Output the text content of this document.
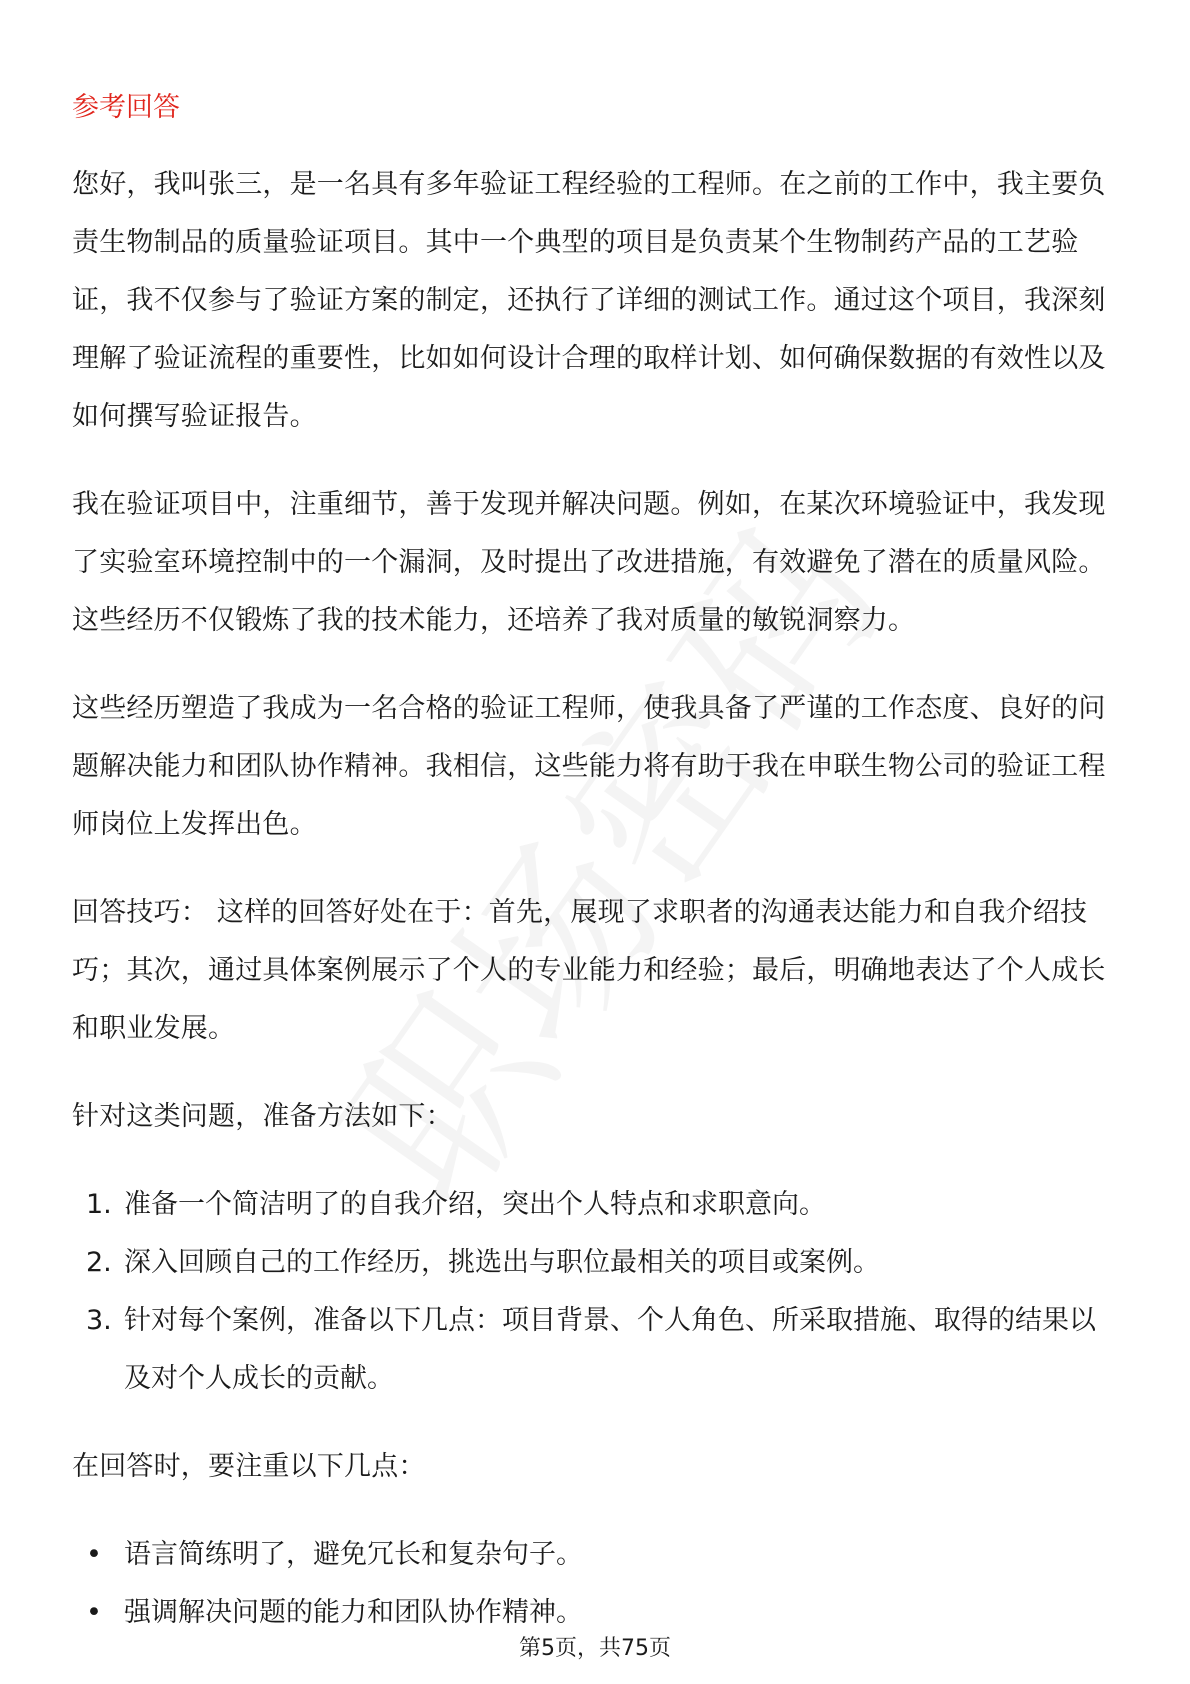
参考回答

您好，我叫张三，是一名具有多年验证工程经验的工程师。在之前的工作中，我主要负责生物制品的质量验证项目。其中一个典型的项目是负责某个生物制药产品的工艺验证，我不仅参与了验证方案的制定，还执行了详细的测试工作。通过这个项目，我深刻理解了验证流程的重要性，比如如何设计合理的取样计划、如何确保数据的有效性以及如何撰写验证报告。

我在验证项目中，注重细节，善于发现并解决问题。例如，在某次环境验证中，我发现了实验室环境控制中的一个漏洞，及时提出了改进措施，有效避免了潜在的质量风险。这些经历不仅锻炼了我的技术能力，还培养了我对质量的敏锐洞察力。

这些经历塑造了我成为一名合格的验证工程师，使我具备了严谨的工作态度、良好的问题解决能力和团队协作精神。我相信，这些能力将有助于我在申联生物公司的验证工程师岗位上发挥出色。

回答技巧： 这样的回答好处在于：首先，展现了求职者的沟通表达能力和自我介绍技巧；其次，通过具体案例展示了个人的专业能力和经验；最后，明确地表达了个人成长和职业发展。

针对这类问题，准备方法如下：

1. 准备一个简洁明了的自我介绍，突出个人特点和求职意向。
2. 深入回顾自己的工作经历，挑选出与职位最相关的项目或案例。
3. 针对每个案例，准备以下几点：项目背景、个人角色、所采取措施、取得的结果以及对个人成长的贡献。

在回答时，要注重以下几点：

• 语言简练明了，避免冗长和复杂句子。
• 强调解决问题的能力和团队协作精神。
第5页，共75页
